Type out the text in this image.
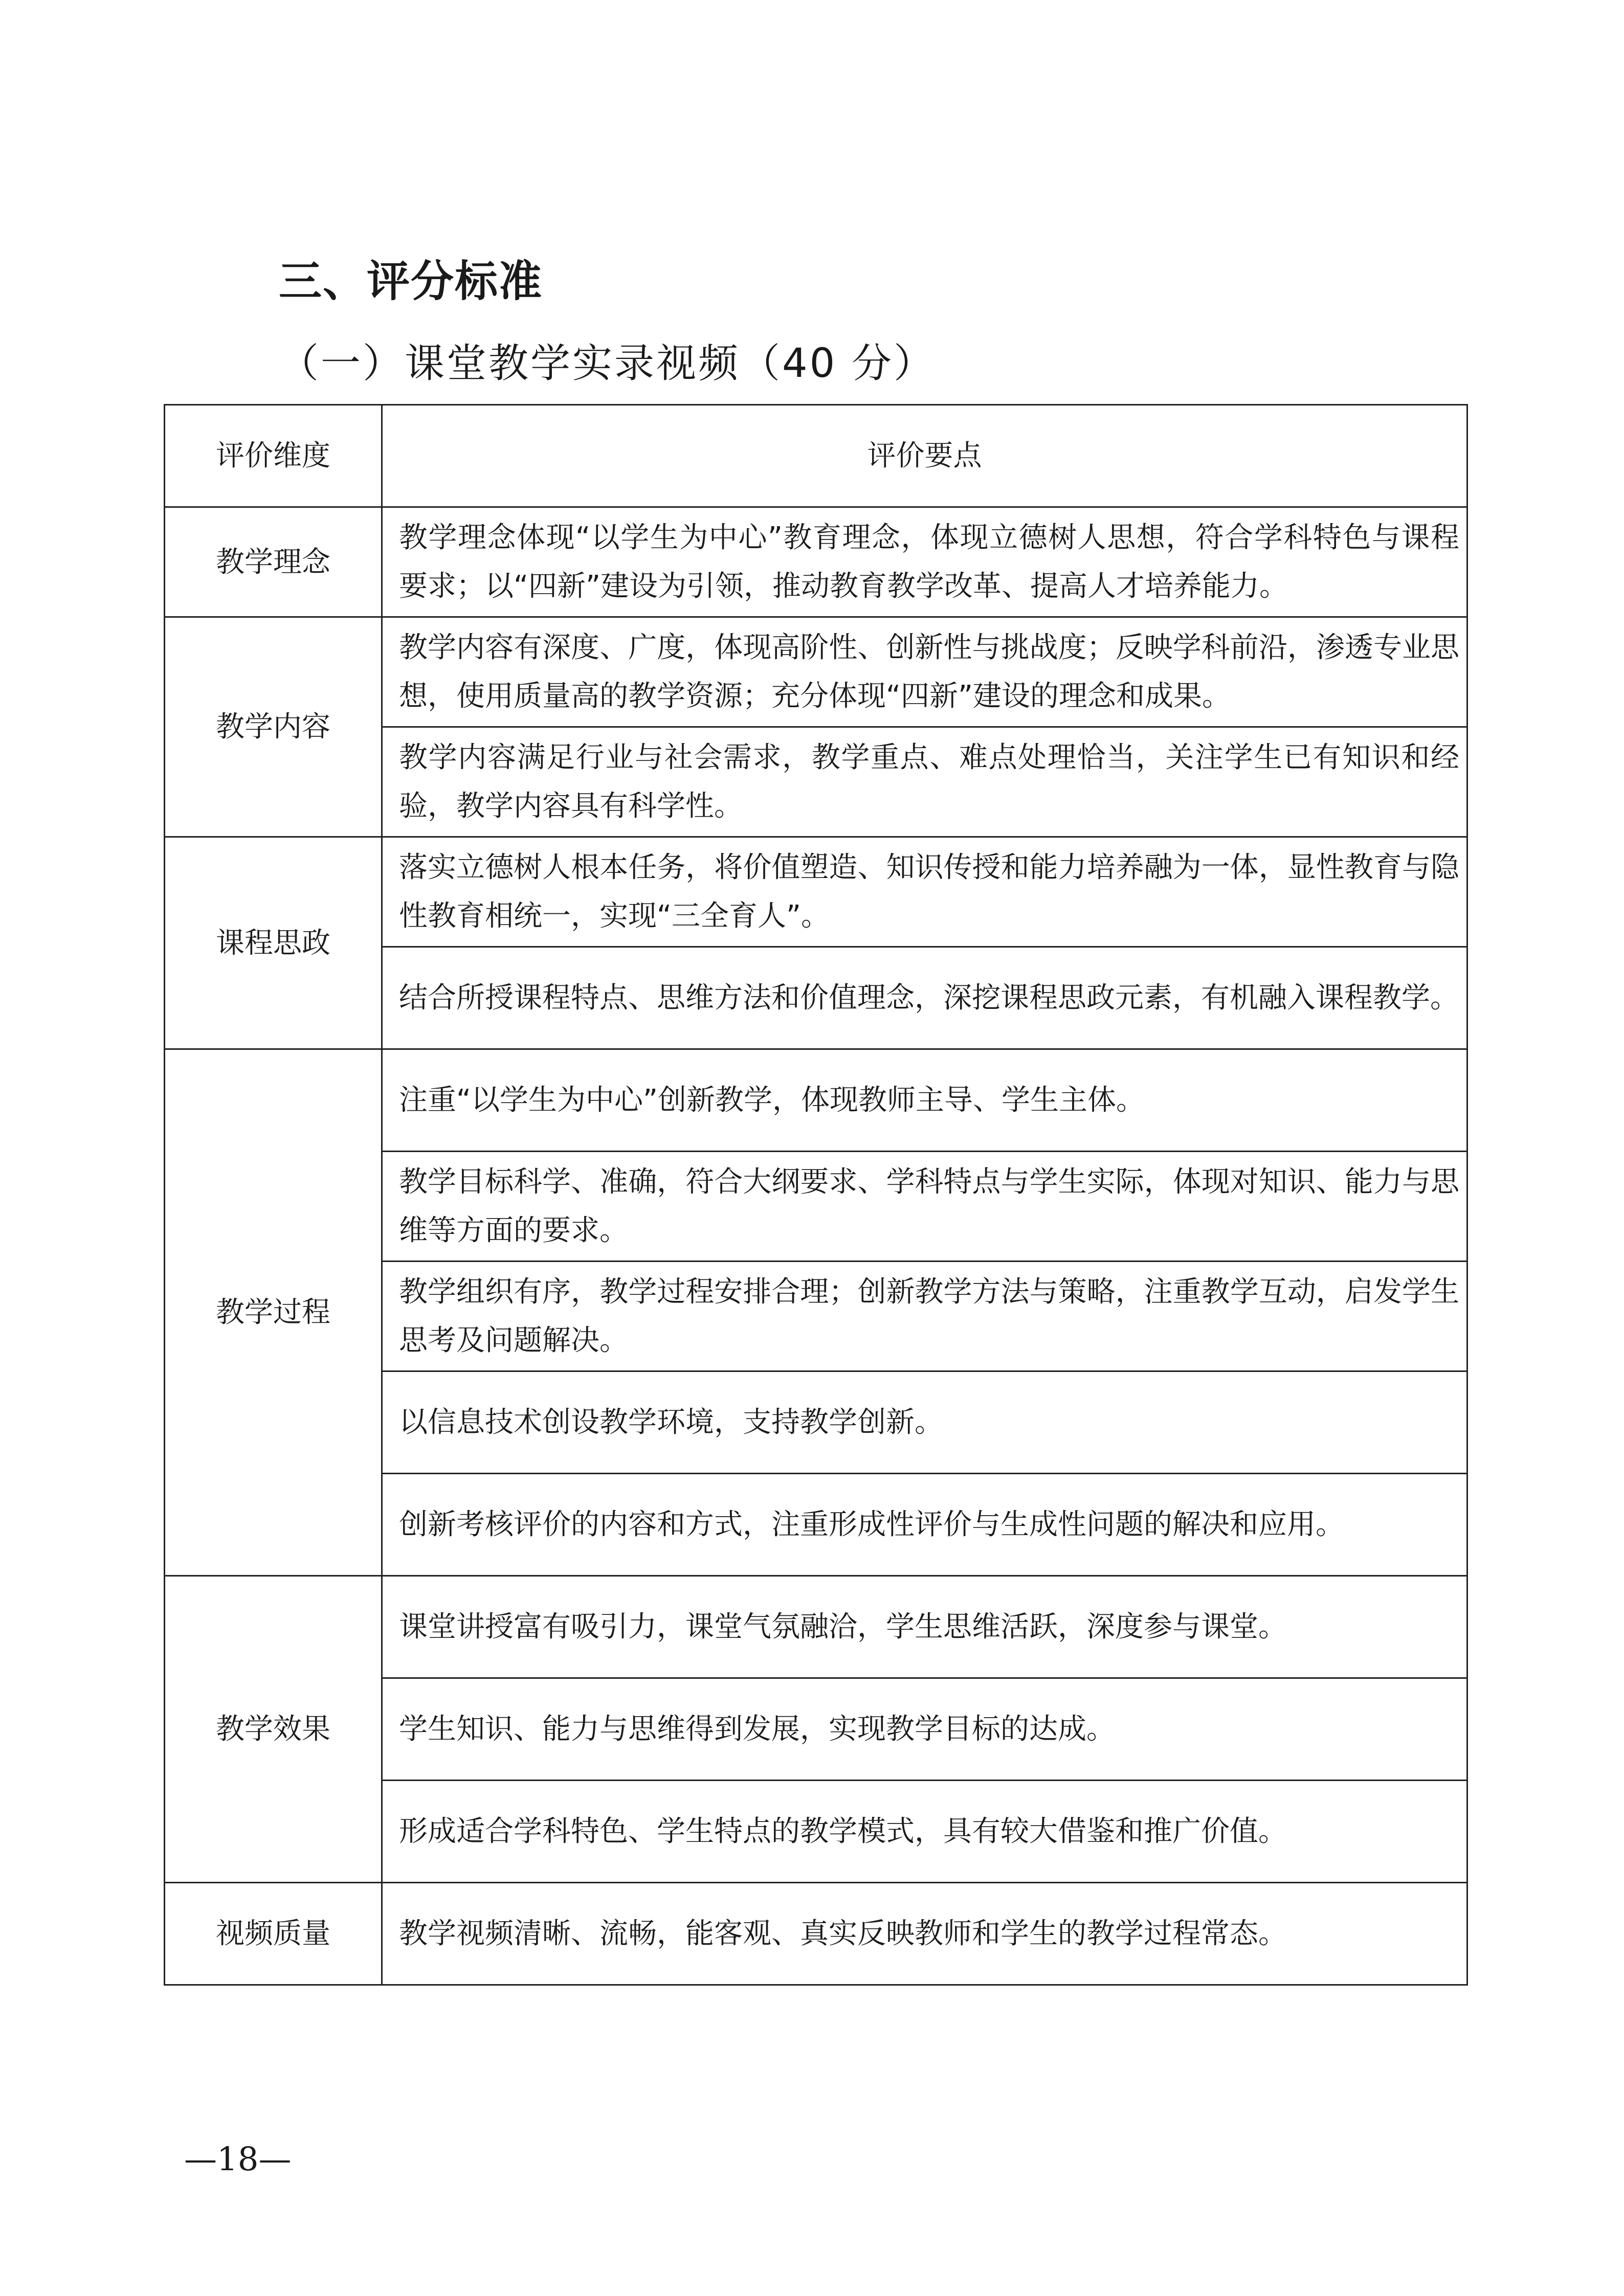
三、评分标准
（一）课堂教学实录视频（40 分）
评价维度	评价要点
教学理念	教学理念体现“以学生为中心”教育理念，体现立德树人思想，符合学科特色与课程要求；以“四新”建设为引领，推动教育教学改革、提高人才培养能力。
教学内容	教学内容有深度、广度，体现高阶性、创新性与挑战度；反映学科前沿，渗透专业思想，使用质量高的教学资源；充分体现“四新”建设的理念和成果。
	教学内容满足行业与社会需求，教学重点、难点处理恰当，关注学生已有知识和经验，教学内容具有科学性。
课程思政	落实立德树人根本任务，将价值塑造、知识传授和能力培养融为一体，显性教育与隐性教育相统一，实现“三全育人”。
	结合所授课程特点、思维方法和价值理念，深挖课程思政元素，有机融入课程教学。
教学过程	注重“以学生为中心”创新教学，体现教师主导、学生主体。
	教学目标科学、准确，符合大纲要求、学科特点与学生实际，体现对知识、能力与思维等方面的要求。
	教学组织有序，教学过程安排合理；创新教学方法与策略，注重教学互动，启发学生思考及问题解决。
	以信息技术创设教学环境，支持教学创新。
	创新考核评价的内容和方式，注重形成性评价与生成性问题的解决和应用。
教学效果	课堂讲授富有吸引力，课堂气氛融洽，学生思维活跃，深度参与课堂。
	学生知识、能力与思维得到发展，实现教学目标的达成。
	形成适合学科特色、学生特点的教学模式，具有较大借鉴和推广价值。
视频质量	教学视频清晰、流畅，能客观、真实反映教师和学生的教学过程常态。
—18—
